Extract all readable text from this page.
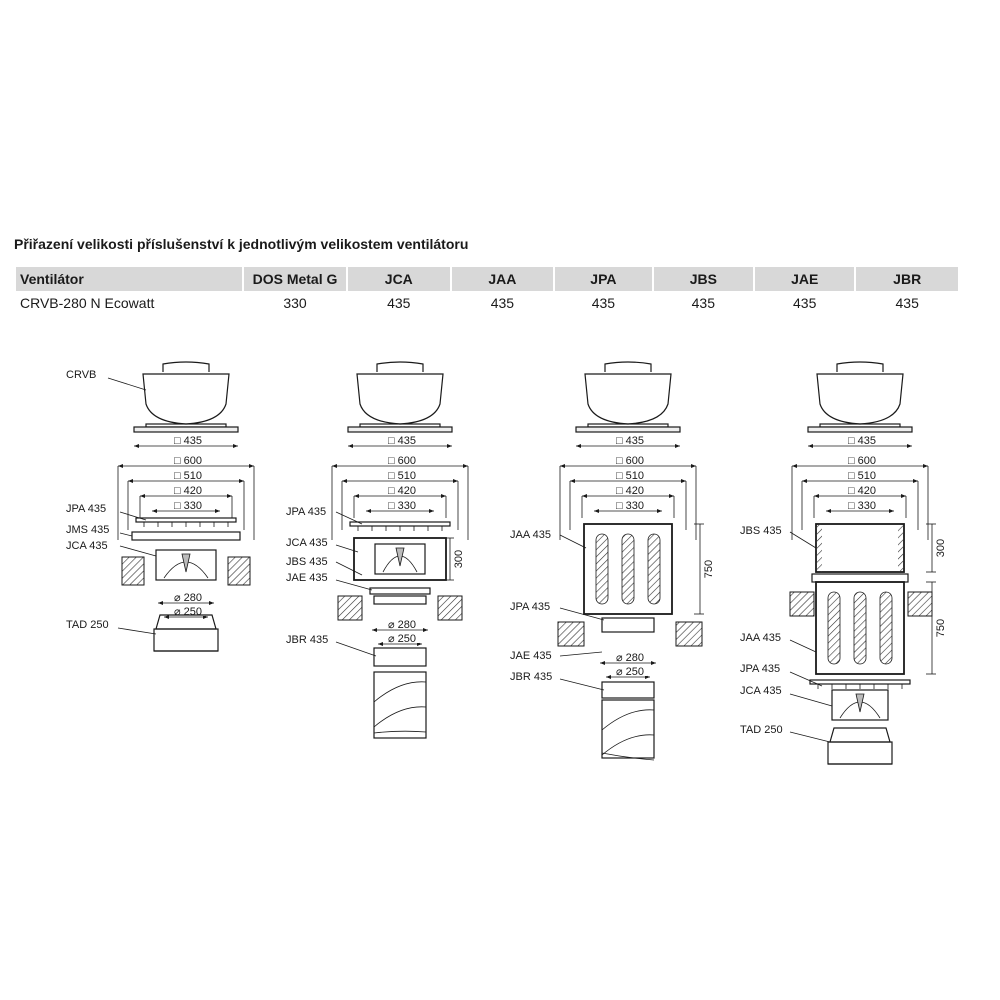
Přiřazení velikosti příslušenství k jednotlivým velikostem ventilátoru
Ventilátor	DOS Metal G	JCA	JAA	JPA	JBS	JAE	JBR
CRVB-280 N Ecowatt	330	435	435	435	435	435	435
□ 435
□ 600
□ 510
□ 420
□ 330
⌀ 280
⌀ 250
CRVB
JPA 435
JMS 435
JCA 435
TAD 250
□ 435
□ 600
□ 510
□ 420
□ 330
300
⌀ 280
⌀ 250
JPA 435
JCA 435
JBS 435
JAE 435
JBR 435
□ 435
□ 600
□ 510
□ 420
□ 330
750
⌀ 280
⌀ 250
JAA 435
JPA 435
JAE 435
JBR 435
□ 435
□ 600
□ 510
□ 420
□ 330
300
750
JBS 435
JAA 435
JPA 435
JCA 435
TAD 250
